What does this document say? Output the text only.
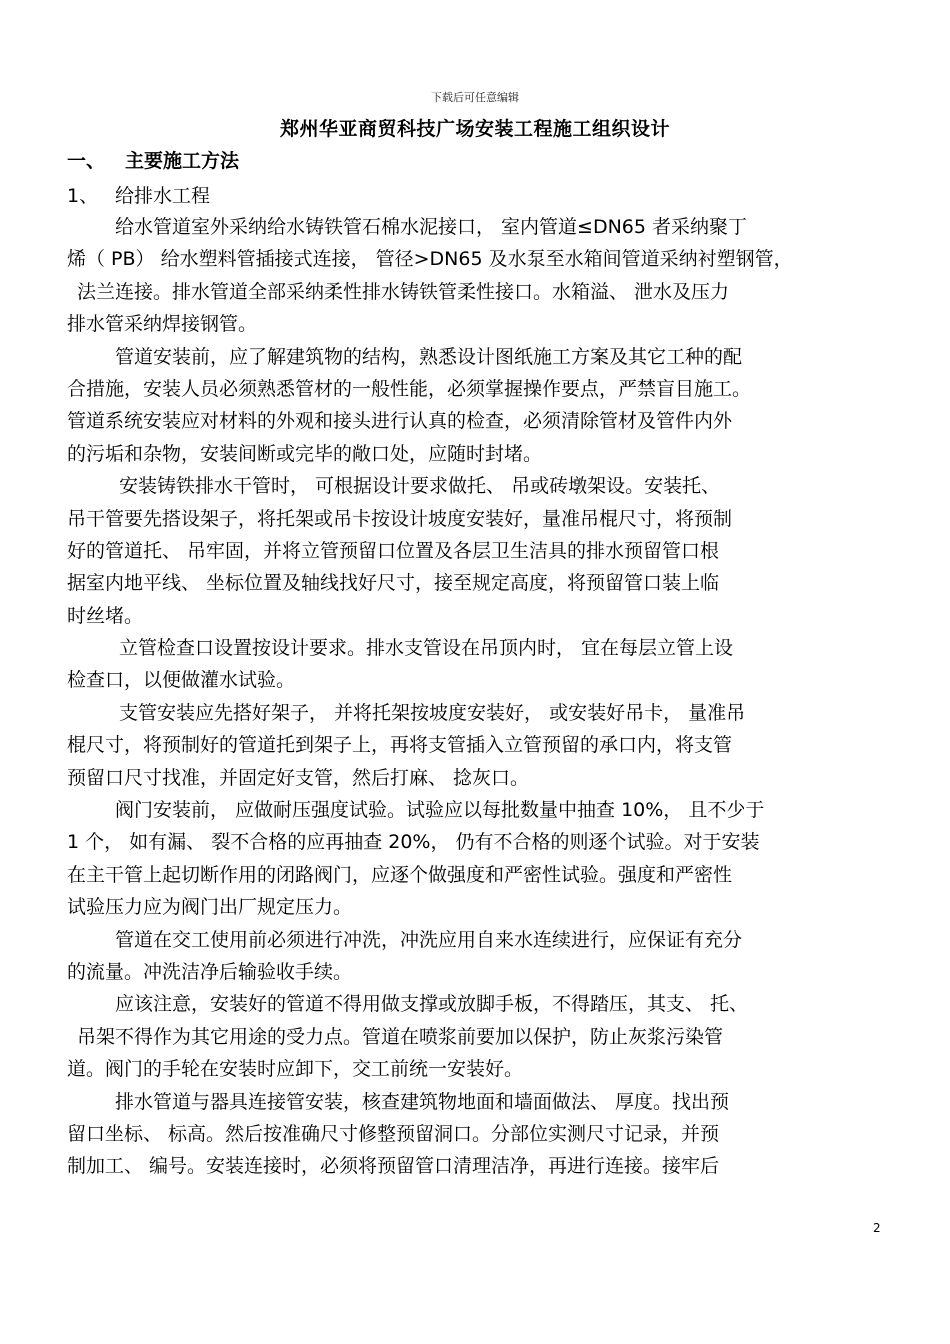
下载后可任意编辑
郑州华亚商贸科技广场安装工程施工组织设计
一、 主要施工方法
1、 给排水工程
给水管道室外采纳给水铸铁管石棉水泥接口， 室内管道≤DN65 者采纳聚丁
烯（ PB） 给水塑料管插接式连接， 管径>DN65 及水泵至水箱间管道采纳衬塑钢管，
法兰连接。排水管道全部采纳柔性排水铸铁管柔性接口。水箱溢、 泄水及压力
排水管采纳焊接钢管。
管道安装前，应了解建筑物的结构，熟悉设计图纸施工方案及其它工种的配
合措施，安装人员必须熟悉管材的一般性能，必须掌握操作要点，严禁盲目施工。
管道系统安装应对材料的外观和接头进行认真的检查，必须清除管材及管件内外
的污垢和杂物，安装间断或完毕的敞口处，应随时封堵。
安装铸铁排水干管时， 可根据设计要求做托、 吊或砖墩架设。安装托、
吊干管要先搭设架子，将托架或吊卡按设计坡度安装好，量准吊棍尺寸，将预制
好的管道托、 吊牢固，并将立管预留口位置及各层卫生洁具的排水预留管口根
据室内地平线、 坐标位置及轴线找好尺寸，接至规定高度，将预留管口装上临
时丝堵。
立管检查口设置按设计要求。排水支管设在吊顶内时， 宜在每层立管上设
检查口，以便做灌水试验。
支管安装应先搭好架子， 并将托架按坡度安装好， 或安装好吊卡， 量准吊
棍尺寸，将预制好的管道托到架子上，再将支管插入立管预留的承口内，将支管
预留口尺寸找准，并固定好支管，然后打麻、 捻灰口。
阀门安装前， 应做耐压强度试验。试验应以每批数量中抽查 10%， 且不少于
1 个， 如有漏、 裂不合格的应再抽查 20%， 仍有不合格的则逐个试验。对于安装
在主干管上起切断作用的闭路阀门，应逐个做强度和严密性试验。强度和严密性
试验压力应为阀门出厂规定压力。
管道在交工使用前必须进行冲洗，冲洗应用自来水连续进行，应保证有充分
的流量。冲洗洁净后输验收手续。
应该注意，安装好的管道不得用做支撑或放脚手板，不得踏压，其支、 托、
吊架不得作为其它用途的受力点。管道在喷浆前要加以保护，防止灰浆污染管
道。阀门的手轮在安装时应卸下，交工前统一安装好。
排水管道与器具连接管安装，核查建筑物地面和墙面做法、 厚度。找出预
留口坐标、 标高。然后按准确尺寸修整预留洞口。分部位实测尺寸记录，并预
制加工、 编号。安装连接时，必须将预留管口清理洁净，再进行连接。接牢后
2
